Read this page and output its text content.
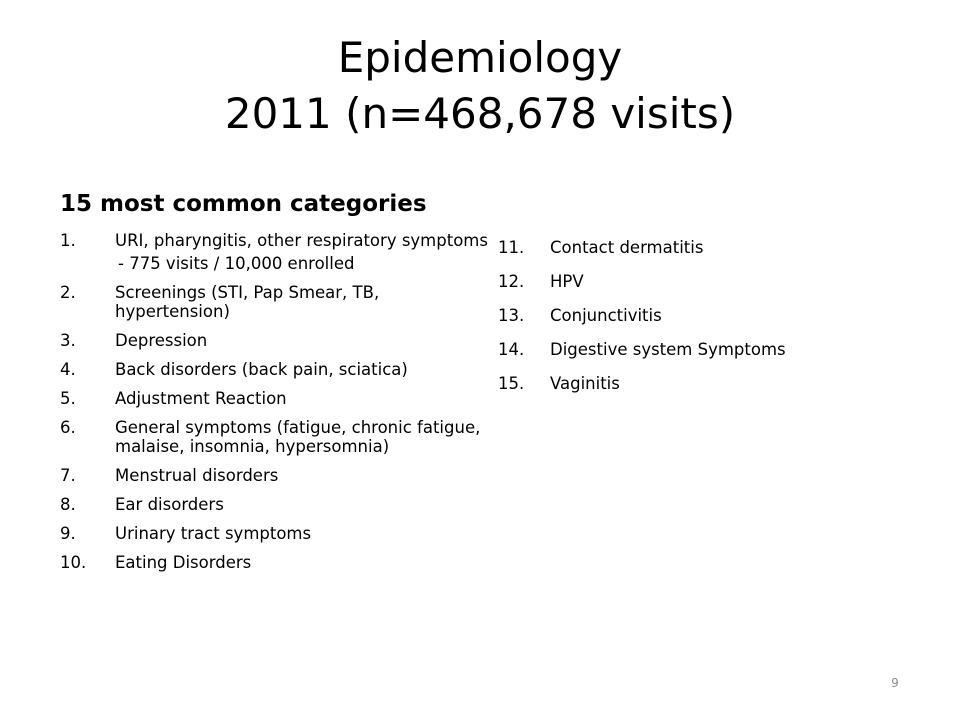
Epidemiology
2011 (n=468,678 visits)
15 most common categories
1.	URI, pharyngitis, other respiratory symptoms
- 775 visits / 10,000 enrolled
2.	Screenings (STI, Pap Smear, TB, hypertension)
3.	Depression
4.	Back disorders (back pain, sciatica)
5.	Adjustment Reaction
6.	General symptoms (fatigue, chronic fatigue, malaise, insomnia, hypersomnia)
7.	Menstrual disorders
8.	Ear disorders
9.	Urinary tract symptoms
10.	Eating Disorders
11.	Contact dermatitis
12.	HPV
13.	Conjunctivitis
14.	Digestive system Symptoms
15.	Vaginitis
9
